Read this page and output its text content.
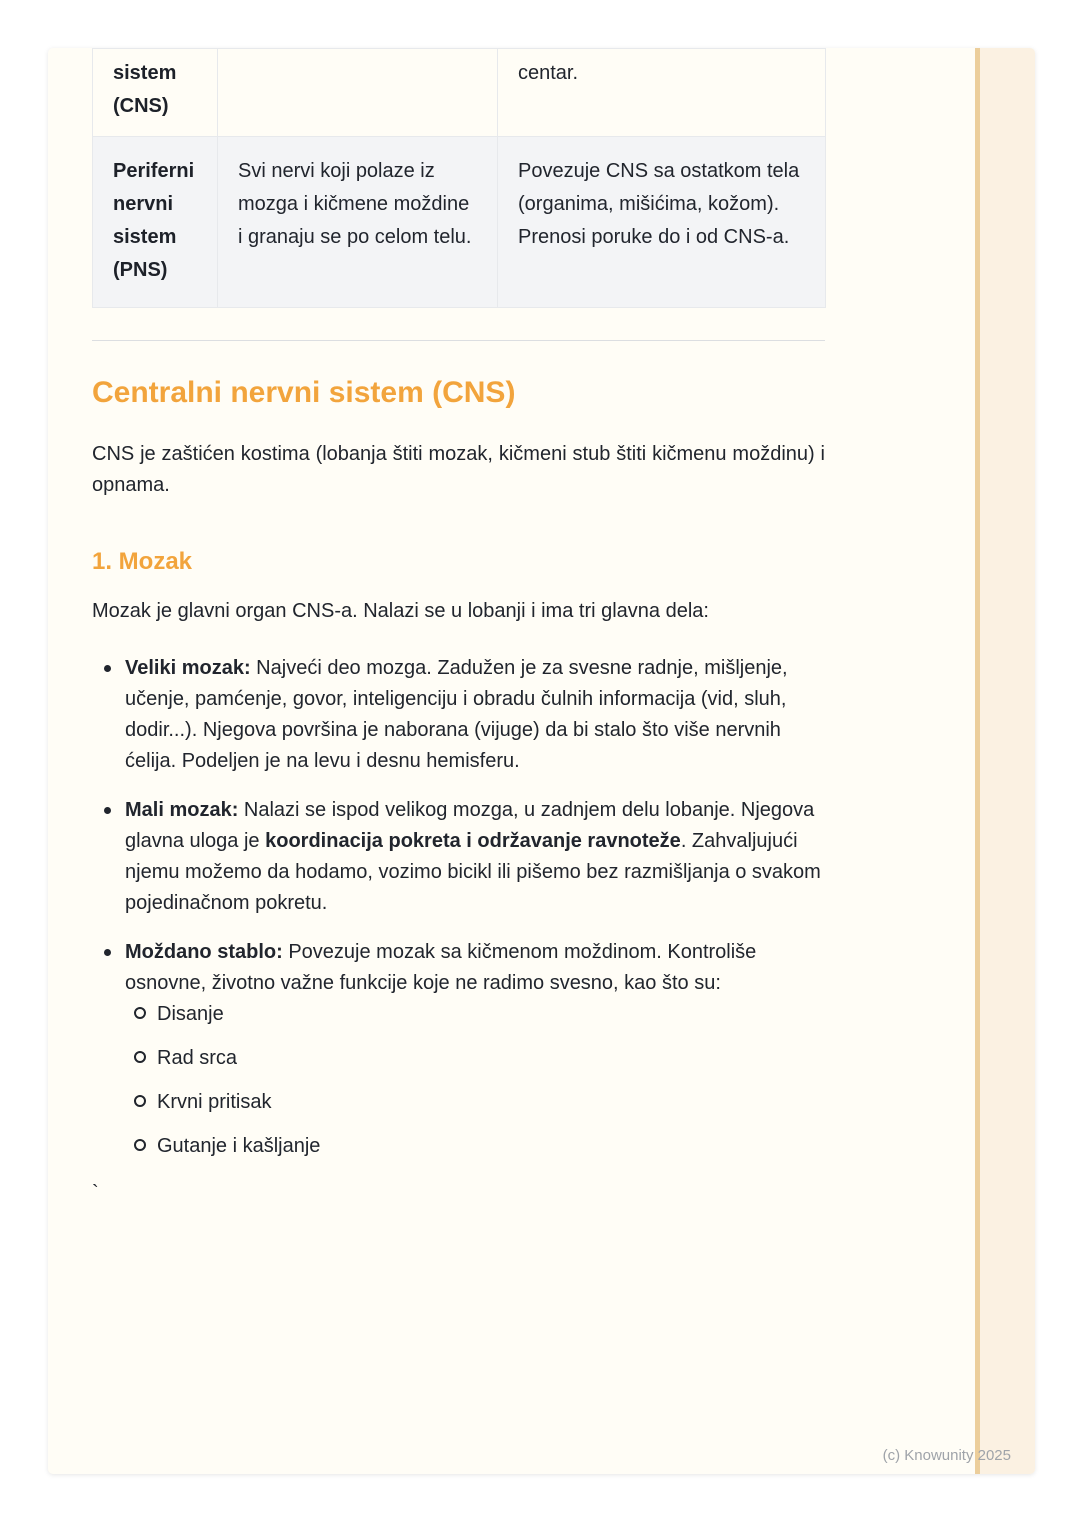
sistem (CNS)		centar.
Periferni nervni sistem (PNS)	Svi nervi koji polaze iz mozga i kičmene moždine i granaju se po celom telu.	Povezuje CNS sa ostatkom tela (organima, mišićima, kožom). Prenosi poruke do i od CNS-a.
Centralni nervni sistem (CNS)

CNS je zaštićen kostima (lobanja štiti mozak, kičmeni stub štiti kičmenu moždinu) i opnama.

1. Mozak

Mozak je glavni organ CNS-a. Nalazi se u lobanji i ima tri glavna dela:

Veliki mozak: Najveći deo mozga. Zadužen je za svesne radnje, mišljenje, učenje, pamćenje, govor, inteligenciju i obradu čulnih informacija (vid, sluh, dodir...). Njegova površina je naborana (vijuge) da bi stalo što više nervnih ćelija. Podeljen je na levu i desnu hemisferu.
Mali mozak: Nalazi se ispod velikog mozga, u zadnjem delu lobanje. Njegova glavna uloga je koordinacija pokreta i održavanje ravnoteže. Zahvaljujući njemu možemo da hodamo, vozimo bicikl ili pišemo bez razmišljanja o svakom pojedinačnom pokretu.
Moždano stablo: Povezuje mozak sa kičmenom moždinom. Kontroliše osnovne, životno važne funkcije koje ne radimo svesno, kao što su:
Disanje
Rad srca
Krvni pritisak
Gutanje i kašljanje

`

(c) Knowunity 2025
